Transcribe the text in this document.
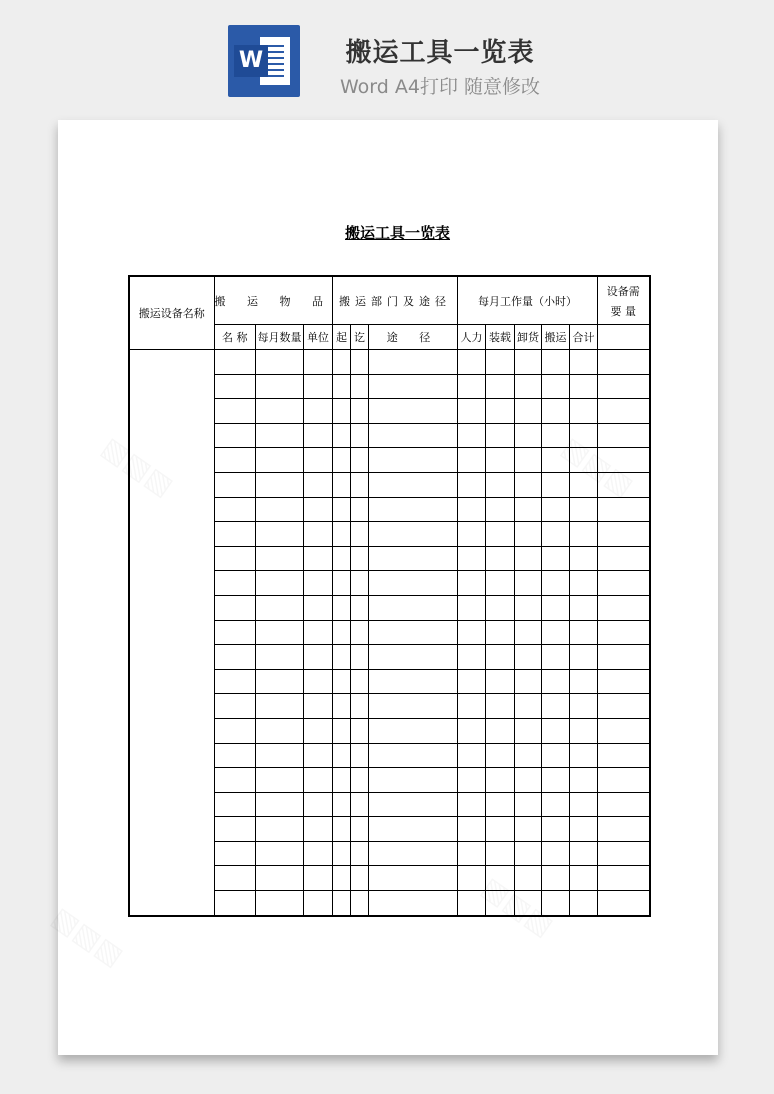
W	搬运工具一览表
Word A4打印 随意修改
搬运工具一览表
搬运设备名称	搬 运 物 品			搬运部门及途径			每月工作量（小时）					设备需
要 量

	名 称	每月数量	单位	起	讫	途 径	人力	装载	卸货	搬运	合计	
